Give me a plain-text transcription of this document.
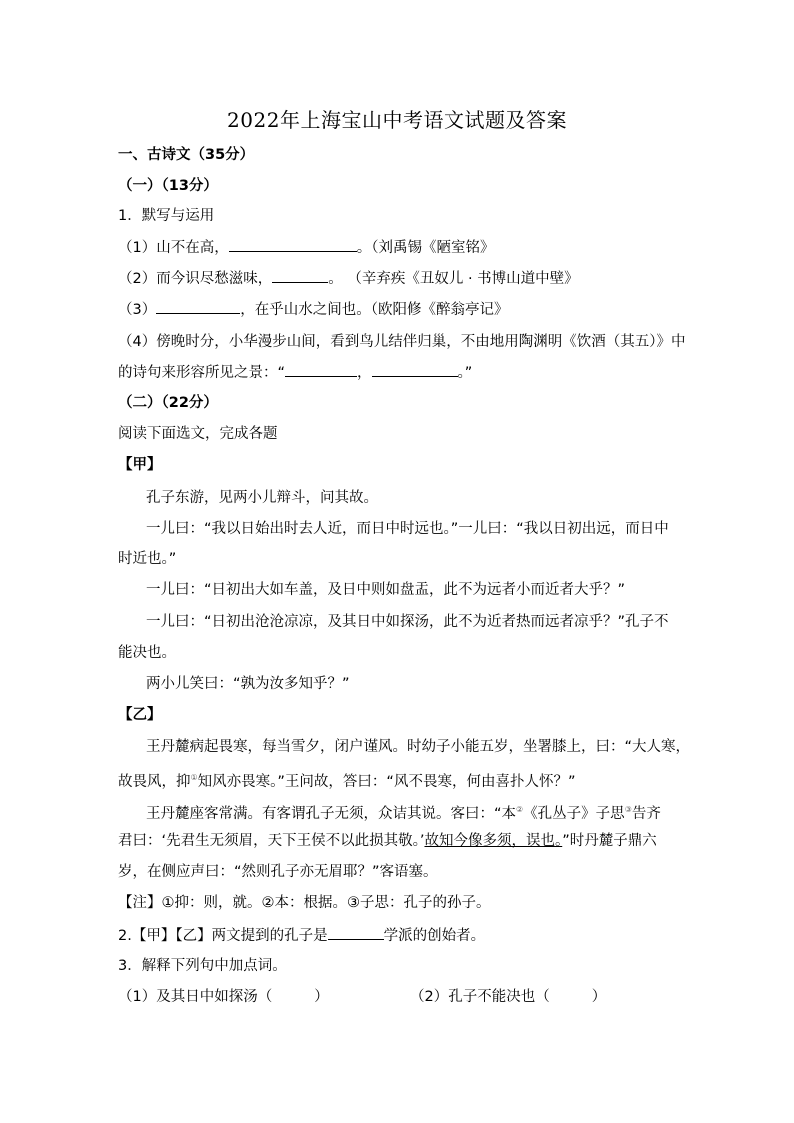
2022年上海宝山中考语文试题及答案
一、古诗文（35分）
（一）（13分）
1．默写与运用
（1）山不在高，	。（刘禹锡《陋室铭》
（2）而今识尽愁滋味，	。 （辛弃疾《丑奴儿 · 书博山道中壁》
（3）	，在乎山水之间也。（欧阳修《醉翁亭记》
（4）傍晚时分，小华漫步山间，看到鸟儿结伴归巢，不由地用陶渊明《饮酒（其五）》中
的诗句来形容所见之景：“	，	。”
（二）（22分）
阅读下面选文，完成各题
【甲】
孔子东游，见两小儿辩斗，问其故。
一儿曰：“我以日始出时去人近，而日中时远也。”一儿曰：“我以日初出远，而日中
时近也。”
一儿曰：“日初出大如车盖，及日中则如盘盂，此不为远者小而近者大乎？”
一儿曰：“日初出沧沧凉凉，及其日中如探汤，此不为近者热而远者凉乎？”孔子不
能决也。
两小儿笑曰：“孰为汝多知乎？”
【乙】
王丹麓病起畏寒，每当雪夕，闭户谨风。时幼子小能五岁，坐署膝上，曰：“大人寒，
故畏风，抑①知风亦畏寒。”王问故，答曰：“风不畏寒，何由喜扑人怀？”
王丹麓座客常满。有客谓孔子无须，众诘其说。客曰：“本②《孔丛子》子思③告齐
君曰：‘先君生无须眉，天下王侯不以此损其敬。’故知今像多须，误也。”时丹麓子鼎六
岁，在侧应声曰：“然则孔子亦无眉耶？”客语塞。
【注】①抑：则，就。②本：根据。③子思：孔子的孙子。
2.【甲】【乙】两文提到的孔子是	学派的创始者。
3．解释下列句中加点词。
（1）及其日中如探汤（	）	（2）孔子不能决也（	）
